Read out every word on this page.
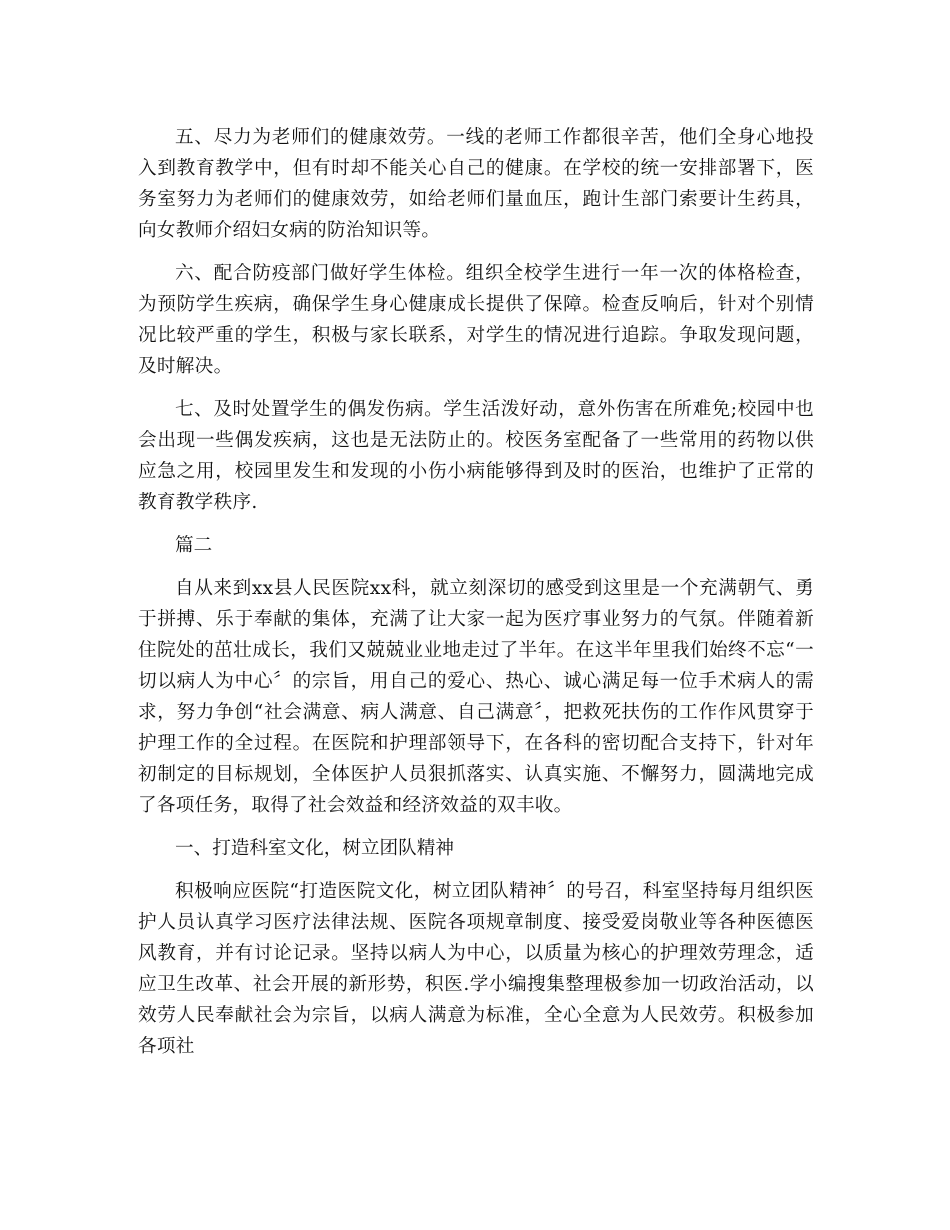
五、尽力为老师们的健康效劳。一线的老师工作都很辛苦，他们全身心地投入到教育教学中，但有时却不能关心自己的健康。在学校的统一安排部署下，医务室努力为老师们的健康效劳，如给老师们量血压，跑计生部门索要计生药具，向女教师介绍妇女病的防治知识等。

六、配合防疫部门做好学生体检。组织全校学生进行一年一次的体格检查，为预防学生疾病，确保学生身心健康成长提供了保障。检查反响后，针对个别情况比较严重的学生，积极与家长联系，对学生的情况进行追踪。争取发现问题，及时解决。

七、及时处置学生的偶发伤病。学生活泼好动，意外伤害在所难免;校园中也会出现一些偶发疾病，这也是无法防止的。校医务室配备了一些常用的药物以供应急之用，校园里发生和发现的小伤小病能够得到及时的医治，也维护了正常的教育教学秩序.

篇二

自从来到xx县人民医院xx科，就立刻深切的感受到这里是一个充满朝气、勇于拼搏、乐于奉献的集体，充满了让大家一起为医疗事业努力的气氛。伴随着新住院处的茁壮成长，我们又兢兢业业地走过了半年。在这半年里我们始终不忘“一切以病人为中心〞的宗旨，用自己的爱心、热心、诚心满足每一位手术病人的需求，努力争创“社会满意、病人满意、自己满意〞，把救死扶伤的工作作风贯穿于护理工作的全过程。在医院和护理部领导下，在各科的密切配合支持下，针对年初制定的目标规划，全体医护人员狠抓落实、认真实施、不懈努力，圆满地完成了各项任务，取得了社会效益和经济效益的双丰收。

一、打造科室文化，树立团队精神

积极响应医院“打造医院文化，树立团队精神〞的号召，科室坚持每月组织医护人员认真学习医疗法律法规、医院各项规章制度、接受爱岗敬业等各种医德医风教育，并有讨论记录。坚持以病人为中心，以质量为核心的护理效劳理念，适应卫生改革、社会开展的新形势，积医.学小编搜集整理极参加一切政治活动，以效劳人民奉献社会为宗旨，以病人满意为标准，全心全意为人民效劳。积极参加各项社
